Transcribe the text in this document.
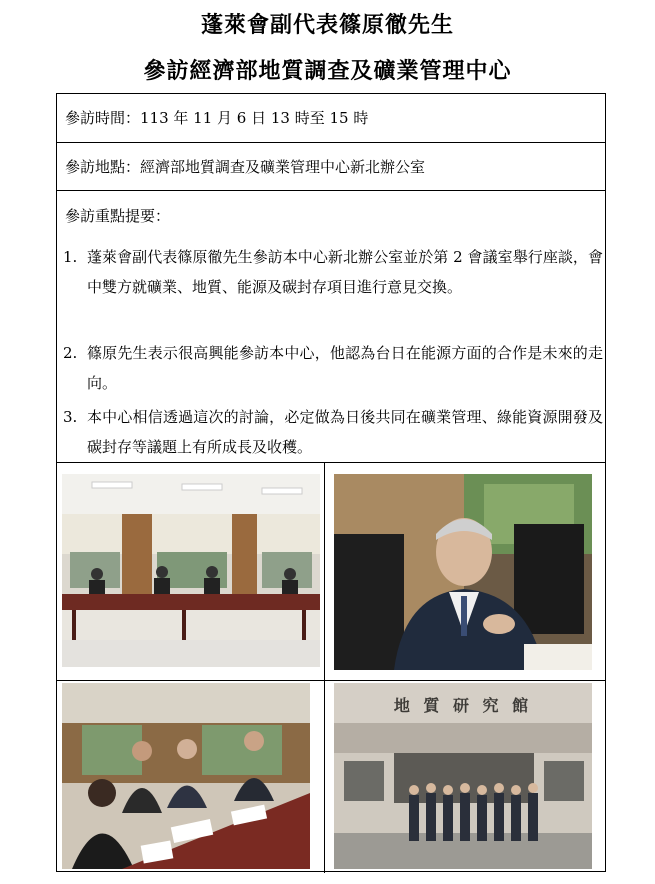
蓬萊會副代表篠原徹先生
參訪經濟部地質調查及礦業管理中心
參訪時間：113 年 11 月 6 日 13 時至 15 時
參訪地點：經濟部地質調查及礦業管理中心新北辦公室
參訪重點提要：
1. 蓬萊會副代表篠原徹先生參訪本中心新北辦公室並於第 2 會議室舉行座談，會中雙方就礦業、地質、能源及碳封存項目進行意見交換。
2. 篠原先生表示很高興能參訪本中心，他認為台日在能源方面的合作是未來的走向。
3. 本中心相信透過這次的討論，必定做為日後共同在礦業管理、綠能資源開發及碳封存等議題上有所成長及收穫。
地 質 研 究 館
